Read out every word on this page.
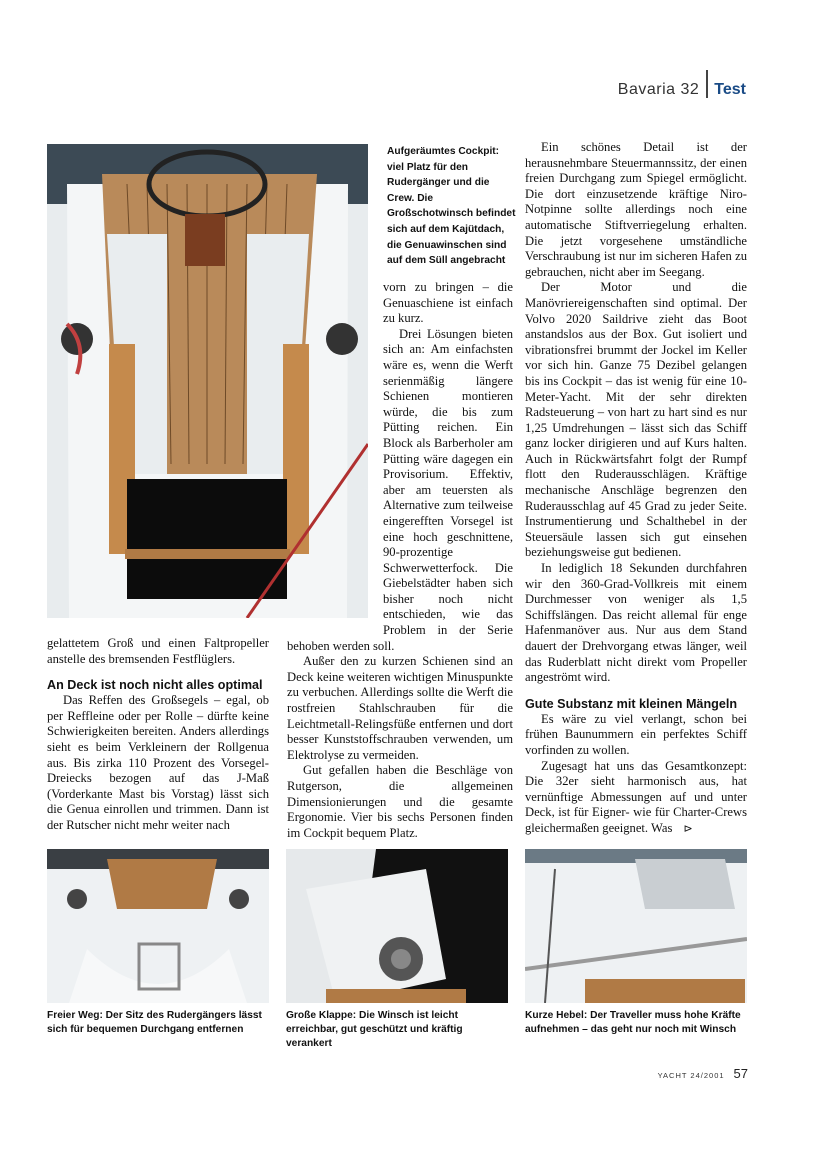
Bavaria 32 Test
Aufgeräumtes Cockpit: viel Platz für den Rudergänger und die Crew. Die Großschotwinsch befindet sich auf dem Kajütdach, die Genuawinschen sind auf dem Süll angebracht

gelattetem Groß und einen Faltpropeller anstelle des bremsenden Festflüglers.

An Deck ist noch nicht alles optimal

Das Reffen des Großsegels – egal, ob per Reffleine oder per Rolle – dürfte keine Schwierigkeiten bereiten. Anders allerdings sieht es beim Verkleinern der Rollgenua aus. Bis zirka 110 Prozent des Vorsegel-Dreiecks bezogen auf das J-Maß (Vorderkante Mast bis Vorstag) lässt sich die Genua einrollen und trimmen. Dann ist der Rutscher nicht mehr weiter nach

vorn zu bringen – die Genuaschiene ist einfach zu kurz.

Drei Lösungen bieten sich an: Am einfachsten wäre es, wenn die Werft serienmäßig längere Schienen montieren würde, die bis zum Pütting reichen. Ein Block als Barberholer am Pütting wäre dagegen ein Provisorium. Effektiv, aber am teuersten als Alternative zum teilweise eingerefften Vorsegel ist eine hoch geschnittene, 90-prozentige Schwerwetterfock. Die Giebelstädter haben sich bisher noch nicht entschieden, wie das Problem in der Serie behoben werden soll.

Außer den zu kurzen Schienen sind an Deck keine weiteren wichtigen Minuspunkte zu verbuchen. Allerdings sollte die Werft die rostfreien Stahlschrauben für die Leichtmetall-Relingsfüße entfernen und dort besser Kunststoffschrauben verwenden, um Elektrolyse zu vermeiden.

Gut gefallen haben die Beschläge von Rutgerson, die allgemeinen Dimensionierungen und die gesamte Ergonomie. Vier bis sechs Personen finden im Cockpit bequem Platz.

Ein schönes Detail ist der herausnehmbare Steuermannssitz, der einen freien Durchgang zum Spiegel ermöglicht. Die dort einzusetzende kräftige Niro-Notpinne sollte allerdings noch eine automatische Stiftverriegelung erhalten. Die jetzt vorgesehene umständliche Verschraubung ist nur im sicheren Hafen zu gebrauchen, nicht aber im Seegang.

Der Motor und die Manövriereigenschaften sind optimal. Der Volvo 2020 Saildrive zieht das Boot anstandslos aus der Box. Gut isoliert und vibrationsfrei brummt der Jockel im Keller vor sich hin. Ganze 75 Dezibel gelangen bis ins Cockpit – das ist wenig für eine 10-Meter-Yacht. Mit der sehr direkten Radsteuerung – von hart zu hart sind es nur 1,25 Umdrehungen – lässt sich das Schiff ganz locker dirigieren und auf Kurs halten. Auch in Rückwärtsfahrt folgt der Rumpf flott den Ruderausschlägen. Kräftige mechanische Anschläge begrenzen den Ruderausschlag auf 45 Grad zu jeder Seite. Instrumentierung und Schalthebel in der Steuersäule lassen sich gut einsehen beziehungsweise gut bedienen.

In lediglich 18 Sekunden durchfahren wir den 360-Grad-Vollkreis mit einem Durchmesser von weniger als 1,5 Schiffslängen. Das reicht allemal für enge Hafenmanöver aus. Nur aus dem Stand dauert der Drehvorgang etwas länger, weil das Ruderblatt nicht direkt vom Propeller angeströmt wird.

Gute Substanz mit kleinen Mängeln

Es wäre zu viel verlangt, schon bei frühen Baunummern ein perfektes Schiff vorfinden zu wollen.

Zugesagt hat uns das Gesamtkonzept: Die 32er sieht harmonisch aus, hat vernünftige Abmessungen auf und unter Deck, ist für Eigner- wie für Charter-Crews gleichermaßen geeignet. Was ⊳

Freier Weg: Der Sitz des Rudergängers lässt sich für bequemen Durchgang entfernen
Große Klappe: Die Winsch ist leicht erreichbar, gut geschützt und kräftig verankert
Kurze Hebel: Der Traveller muss hohe Kräfte aufnehmen – das geht nur noch mit Winsch
YACHT 24/2001 57
